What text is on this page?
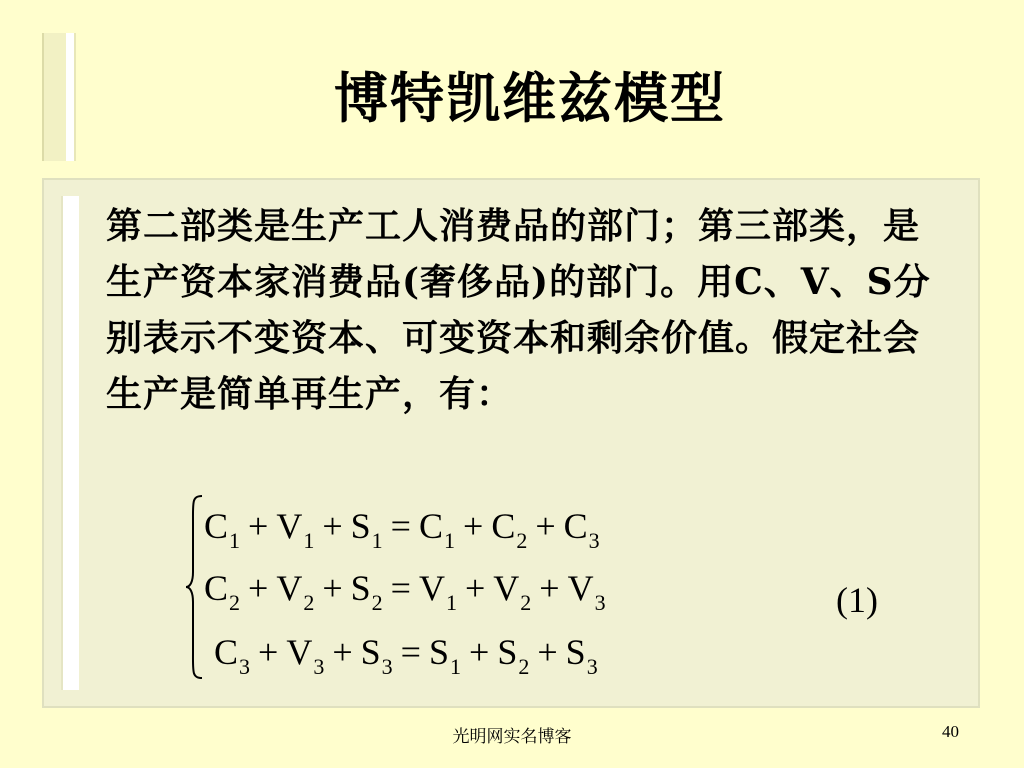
博特凯维兹模型

第二部类是生产工人消费品的部门；第三部类，是生产资本家消费品(奢侈品)的部门。用C、V、S分别表示不变资本、可变资本和剩余价值。假定社会生产是简单再生产，有：

$C_1 + V_1 + S_1 = C_1 + C_2 + C_3$
$C_2 + V_2 + S_2 = V_1 + V_2 + V_3$
$C_3 + V_3 + S_3 = S_1 + S_2 + S_3$
(1)
光明网实名博客	40
